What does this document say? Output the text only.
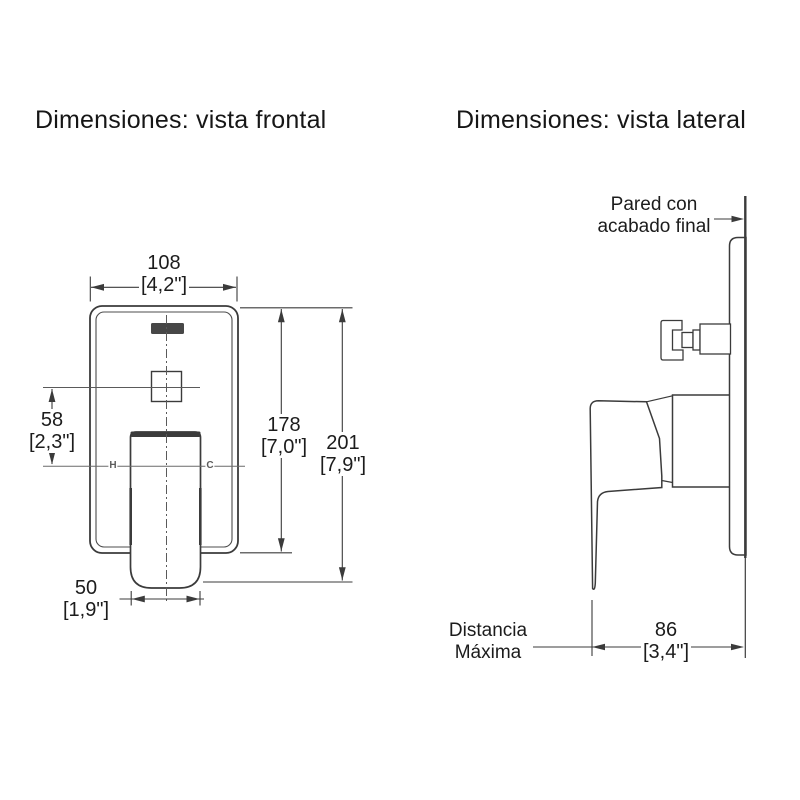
Dimensiones: vista frontal	Dimensiones: vista lateral
108
[4,2"]
58
[2,3"]
178
[7,0"] 201
[7,9"]
50
[1,9"]
H	C
Pared con
acabado final
Distancia
Máxima
86
[3,4"]
